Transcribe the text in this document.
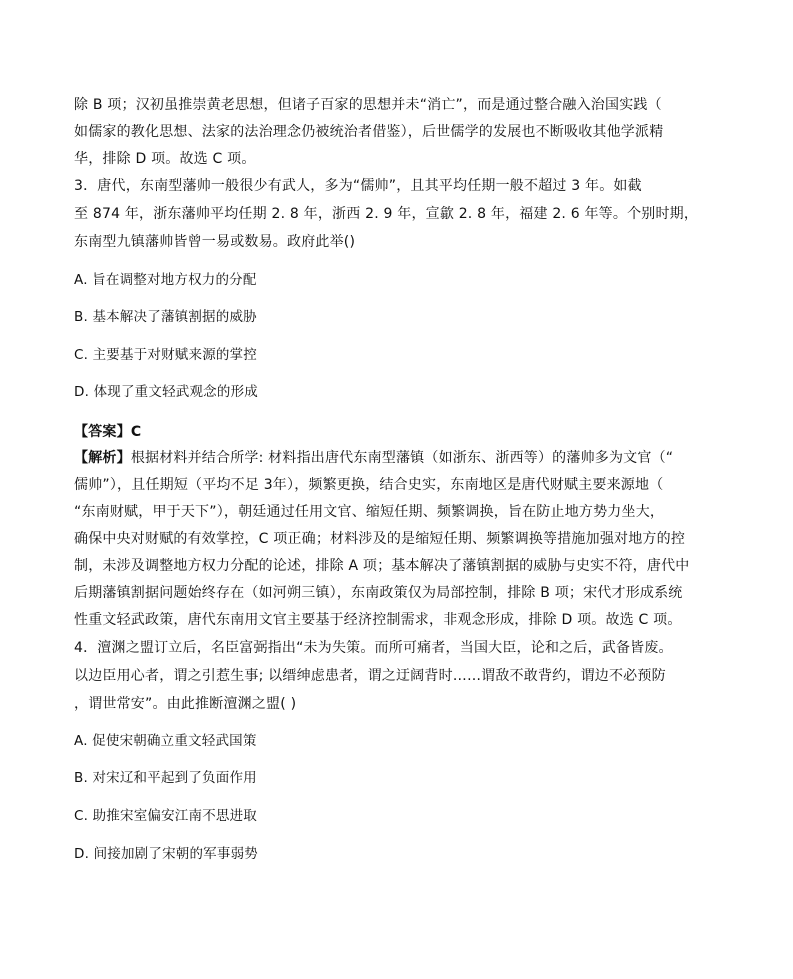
除 B 项；汉初虽推崇黄老思想，但诸子百家的思想并未“消亡”，而是通过整合融入治国实践（
如儒家的教化思想、法家的法治理念仍被统治者借鉴），后世儒学的发展也不断吸收其他学派精
华，排除 D 项。故选 C 项。
3．唐代，东南型藩帅一般很少有武人，多为“儒帅”，且其平均任期一般不超过 3 年。如截
至 874 年，浙东藩帅平均任期 2. 8 年，浙西 2. 9 年，宣歙 2. 8 年，福建 2. 6 年等。个别时期，
东南型九镇藩帅皆曾一易或数易。政府此举()
A. 旨在调整对地方权力的分配
B. 基本解决了藩镇割据的威胁
C. 主要基于对财赋来源的掌控
D. 体现了重文轻武观念的形成
【答案】C
【解析】根据材料并结合所学: 材料指出唐代东南型藩镇（如浙东、浙西等）的藩帅多为文官（“
儒帅”），且任期短（平均不足 3年），频繁更换，结合史实，东南地区是唐代财赋主要来源地（
“东南财赋，甲于天下”），朝廷通过任用文官、缩短任期、频繁调换，旨在防止地方势力坐大，
确保中央对财赋的有效掌控，C 项正确；材料涉及的是缩短任期、频繁调换等措施加强对地方的控
制，未涉及调整地方权力分配的论述，排除 A 项；基本解决了藩镇割据的威胁与史实不符，唐代中
后期藩镇割据问题始终存在（如河朔三镇），东南政策仅为局部控制，排除 B 项；宋代才形成系统
性重文轻武政策，唐代东南用文官主要基于经济控制需求，非观念形成，排除 D 项。故选 C 项。
4．澶渊之盟订立后，名臣富弼指出“未为失策。而所可痛者，当国大臣，论和之后，武备皆废。
以边臣用心者，谓之引惹生事; 以缙绅虑患者，谓之迂阔背时……谓敌不敢背约，谓边不必预防
，谓世常安”。由此推断澶渊之盟( )
A. 促使宋朝确立重文轻武国策
B. 对宋辽和平起到了负面作用
C. 助推宋室偏安江南不思进取
D. 间接加剧了宋朝的军事弱势
